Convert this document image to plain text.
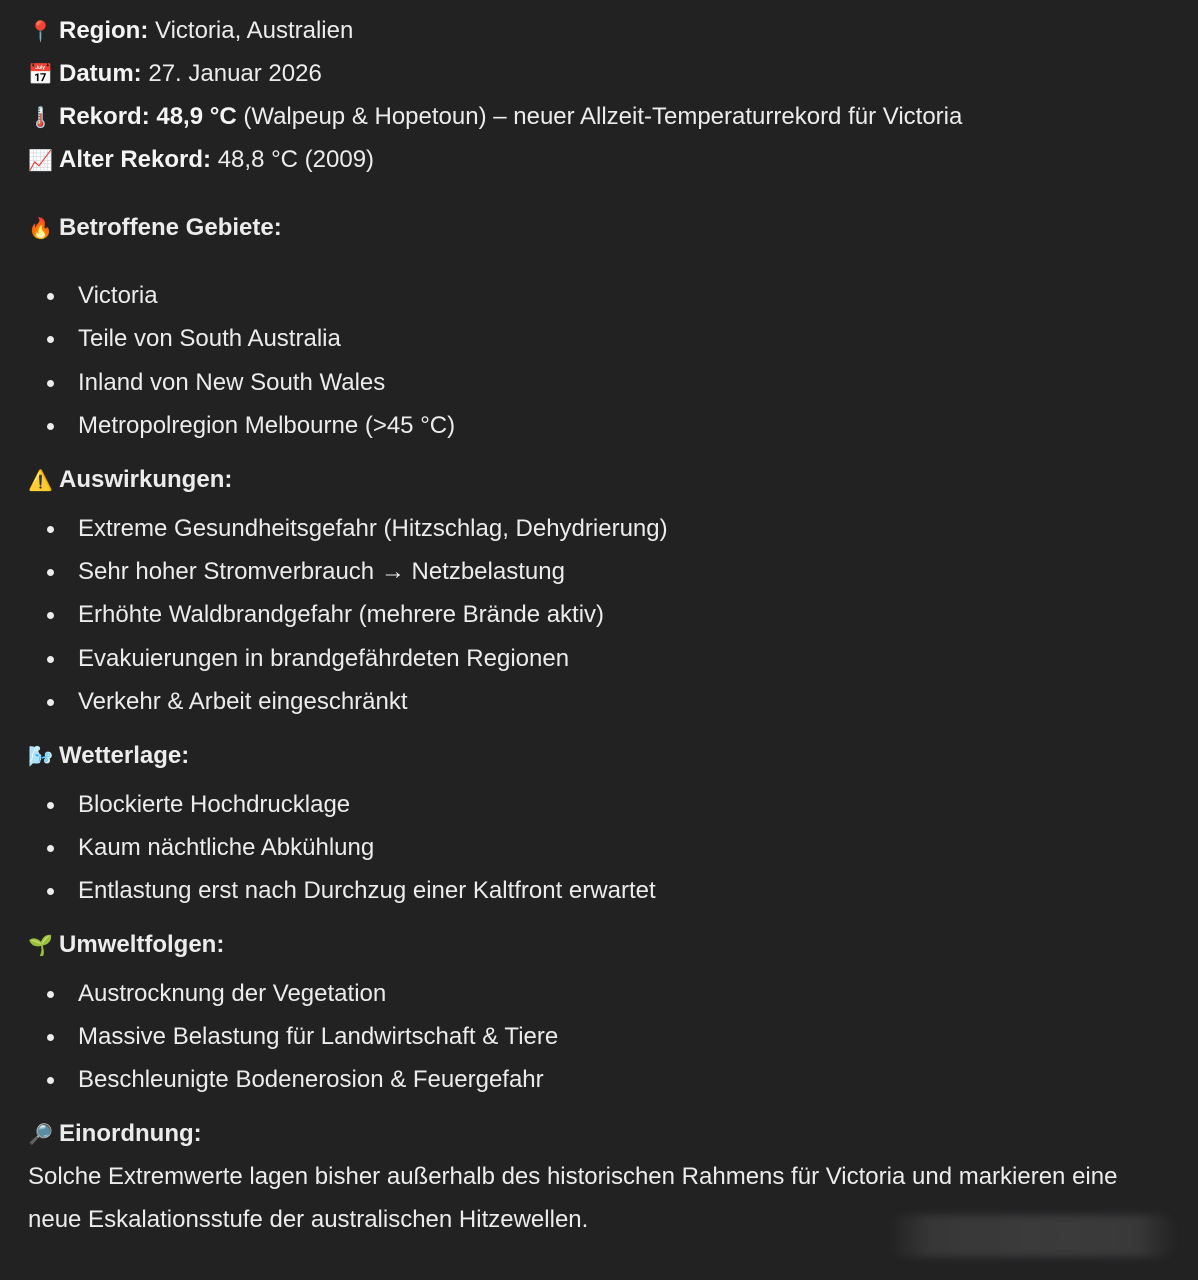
📍 Region: Victoria, Australien
📅 Datum: 27. Januar 2026
🌡️ Rekord: 48,9 °C (Walpeup & Hopetoun) – neuer Allzeit-Temperaturrekord für Victoria
📈 Alter Rekord: 48,8 °C (2009)
🔥 Betroffene Gebiete:
Victoria
Teile von South Australia
Inland von New South Wales
Metropolregion Melbourne (>45 °C)
⚠️ Auswirkungen:
Extreme Gesundheitsgefahr (Hitzschlag, Dehydrierung)
Sehr hoher Stromverbrauch → Netzbelastung
Erhöhte Waldbrandgefahr (mehrere Brände aktiv)
Evakuierungen in brandgefährdeten Regionen
Verkehr & Arbeit eingeschränkt
🌬️ Wetterlage:
Blockierte Hochdrucklage
Kaum nächtliche Abkühlung
Entlastung erst nach Durchzug einer Kaltfront erwartet
🌱 Umweltfolgen:
Austrocknung der Vegetation
Massive Belastung für Landwirtschaft & Tiere
Beschleunigte Bodenerosion & Feuergefahr
🔎 Einordnung:
Solche Extremwerte lagen bisher außerhalb des historischen Rahmens für Victoria und markieren eine neue Eskalationsstufe der australischen Hitzewellen.
